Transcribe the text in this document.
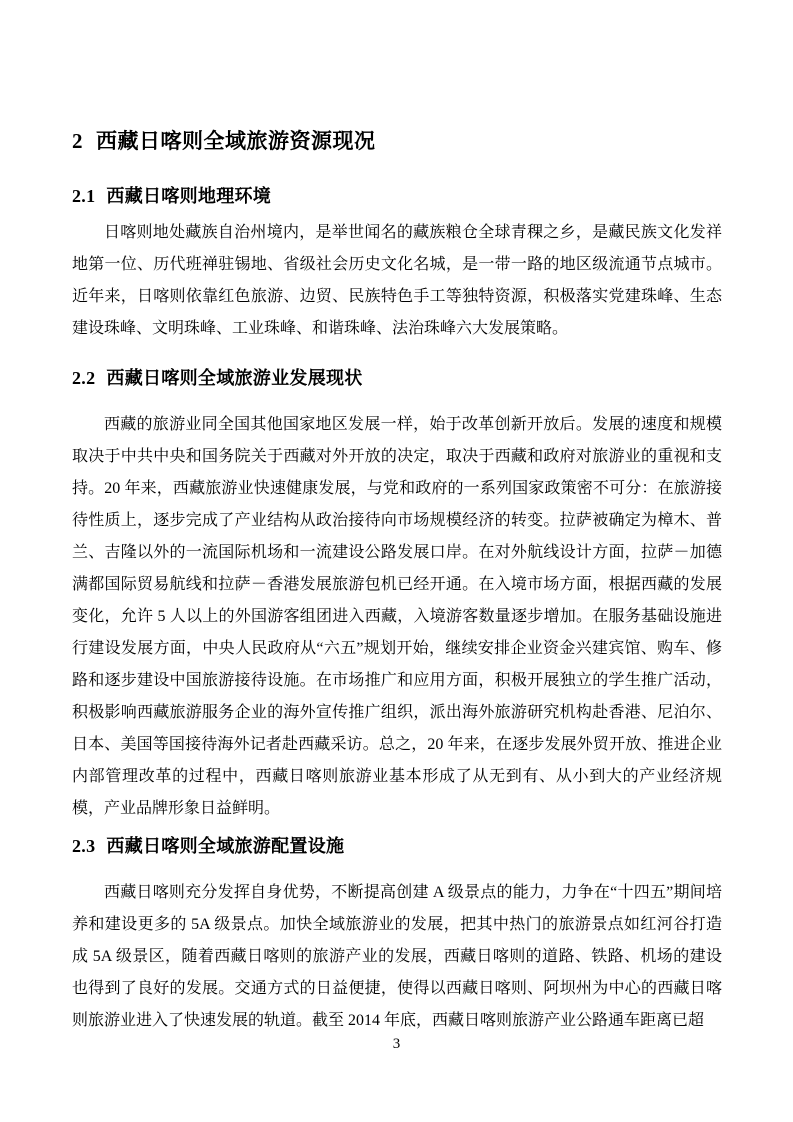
2 西藏日喀则全域旅游资源现况
2.1 西藏日喀则地理环境

日喀则地处藏族自治州境内，是举世闻名的藏族粮仓全球青稞之乡，是藏民族文化发祥地第一位、历代班禅驻锡地、省级社会历史文化名城，是一带一路的地区级流通节点城市。近年来，日喀则依靠红色旅游、边贸、民族特色手工等独特资源，积极落实党建珠峰、生态建设珠峰、文明珠峰、工业珠峰、和谐珠峰、法治珠峰六大发展策略。

2.2 西藏日喀则全域旅游业发展现状

西藏的旅游业同全国其他国家地区发展一样，始于改革创新开放后。发展的速度和规模取决于中共中央和国务院关于西藏对外开放的决定，取决于西藏和政府对旅游业的重视和支持。20 年来，西藏旅游业快速健康发展，与党和政府的一系列国家政策密不可分：在旅游接待性质上，逐步完成了产业结构从政治接待向市场规模经济的转变。拉萨被确定为樟木、普兰、吉隆以外的一流国际机场和一流建设公路发展口岸。在对外航线设计方面，拉萨－加德满都国际贸易航线和拉萨－香港发展旅游包机已经开通。在入境市场方面，根据西藏的发展变化，允许 5 人以上的外国游客组团进入西藏，入境游客数量逐步增加。在服务基础设施进行建设发展方面，中央人民政府从“六五”规划开始，继续安排企业资金兴建宾馆、购车、修路和逐步建设中国旅游接待设施。在市场推广和应用方面，积极开展独立的学生推广活动，积极影响西藏旅游服务企业的海外宣传推广组织，派出海外旅游研究机构赴香港、尼泊尔、日本、美国等国接待海外记者赴西藏采访。总之，20 年来，在逐步发展外贸开放、推进企业内部管理改革的过程中，西藏日喀则旅游业基本形成了从无到有、从小到大的产业经济规模，产业品牌形象日益鲜明。

2.3 西藏日喀则全域旅游配置设施

西藏日喀则充分发挥自身优势，不断提高创建 A 级景点的能力，力争在“十四五”期间培养和建设更多的 5A 级景点。加快全域旅游业的发展，把其中热门的旅游景点如红河谷打造成 5A 级景区，随着西藏日喀则的旅游产业的发展，西藏日喀则的道路、铁路、机场的建设也得到了良好的发展。交通方式的日益便捷，使得以西藏日喀则、阿坝州为中心的西藏日喀则旅游业进入了快速发展的轨道。截至 2014 年底，西藏日喀则旅游产业公路通车距离已超

3
